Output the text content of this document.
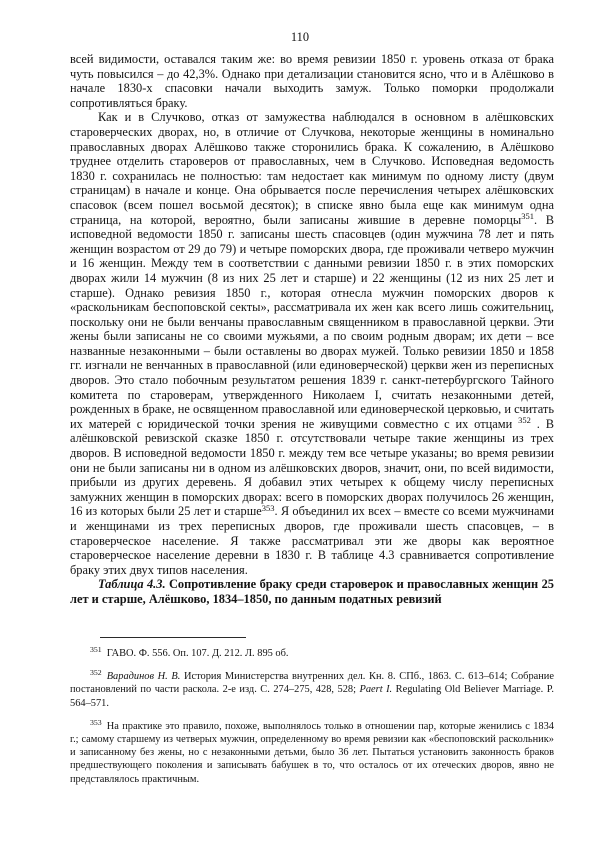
110

всей видимости, оставался таким же: во время ревизии 1850 г. уровень отказа от брака чуть повысился – до 42,3%. Однако при детализации становится ясно, что и в Алёшково в начале 1830-х спасовки начали выходить замуж. Только поморки продолжали сопротивляться браку.

Как и в Случково, отказ от замужества наблюдался в основном в алёшковских староверческих дворах, но, в отличие от Случкова, некоторые женщины в номинально православных дворах Алёшково также сторонились брака. К сожалению, в Алёшково труднее отделить староверов от православных, чем в Случково. Исповедная ведомость 1830 г. сохранилась не полностью: там недостает как минимум по одному листу (двум страницам) в начале и конце. Она обрывается после перечисления четырех алёшковских спасовок (всем пошел восьмой десяток); в списке явно была еще как минимум одна страница, на которой, вероятно, были записаны жившие в деревне поморцы$^{351}$. В исповедной ведомости 1850 г. записаны шесть спасовцев (один мужчина 78 лет и пять женщин возрастом от 29 до 79) и четыре поморских двора, где проживали четверо мужчин и 16 женщин. Между тем в соответствии с данными ревизии 1850 г. в этих поморских дворах жили 14 мужчин (8 из них 25 лет и старше) и 22 женщины (12 из них 25 лет и старше). Однако ревизия 1850 г., которая отнесла мужчин поморских дворов к «раскольникам беспоповской секты», рассматривала их жен как всего лишь сожительниц, поскольку они не были венчаны православным священником в православной церкви. Эти жены были записаны не со своими мужьями, а по своим родным дворам; их дети – все названные незаконными – были оставлены во дворах мужей. Только ревизии 1850 и 1858 гг. изгнали не венчанных в православной (или единоверческой) церкви жен из переписных дворов. Это стало побочным результатом решения 1839 г. санкт-петербургского Тайного комитета по староверам, утвержденного Николаем I, считать незаконными детей, рожденных в браке, не освященном православной или единоверческой церковью, и считать их матерей с юридической точки зрения не живущими совместно с их отцами $^{352}$ . В алёшковской ревизской сказке 1850 г. отсутствовали четыре такие женщины из трех дворов. В исповедной ведомости 1850 г. между тем все четыре указаны; во время ревизии они не были записаны ни в одном из алёшковских дворов, значит, они, по всей видимости, прибыли из других деревень. Я добавил этих четырех к общему числу переписных замужних женщин в поморских дворах: всего в поморских дворах получилось 26 женщин, 16 из которых были 25 лет и старше$^{353}$. Я объединил их всех – вместе со всеми мужчинами и женщинами из трех переписных дворов, где проживали шесть спасовцев, – в староверческое население. Я также рассматривал эти же дворы как вероятное староверческое население деревни в 1830 г. В таблице 4.3 сравнивается сопротивление браку этих двух типов населения.

Таблица 4.3. Сопротивление браку среди староверок и православных женщин 25 лет и старше, Алёшково, 1834–1850, по данным податных ревизий

$^{351}$ ГАВО. Ф. 556. Оп. 107. Д. 212. Л. 895 об.

$^{352}$ Варадинов Н. В. История Министерства внутренних дел. Кн. 8. СПб., 1863. С. 613–614; Собрание постановлений по части раскола. 2-е изд. С. 274–275, 428, 528; Paert I. Regulating Old Believer Marriage. P. 564–571.

$^{353}$ На практике это правило, похоже, выполнялось только в отношении пар, которые женились с 1834 г.; самому старшему из четверых мужчин, определенному во время ревизии как «беспоповский раскольник» и записанному без жены, но с незаконными детьми, было 36 лет. Пытаться установить законность браков предшествующего поколения и записывать бабушек в то, что осталось от их отеческих дворов, явно не представлялось практичным.
